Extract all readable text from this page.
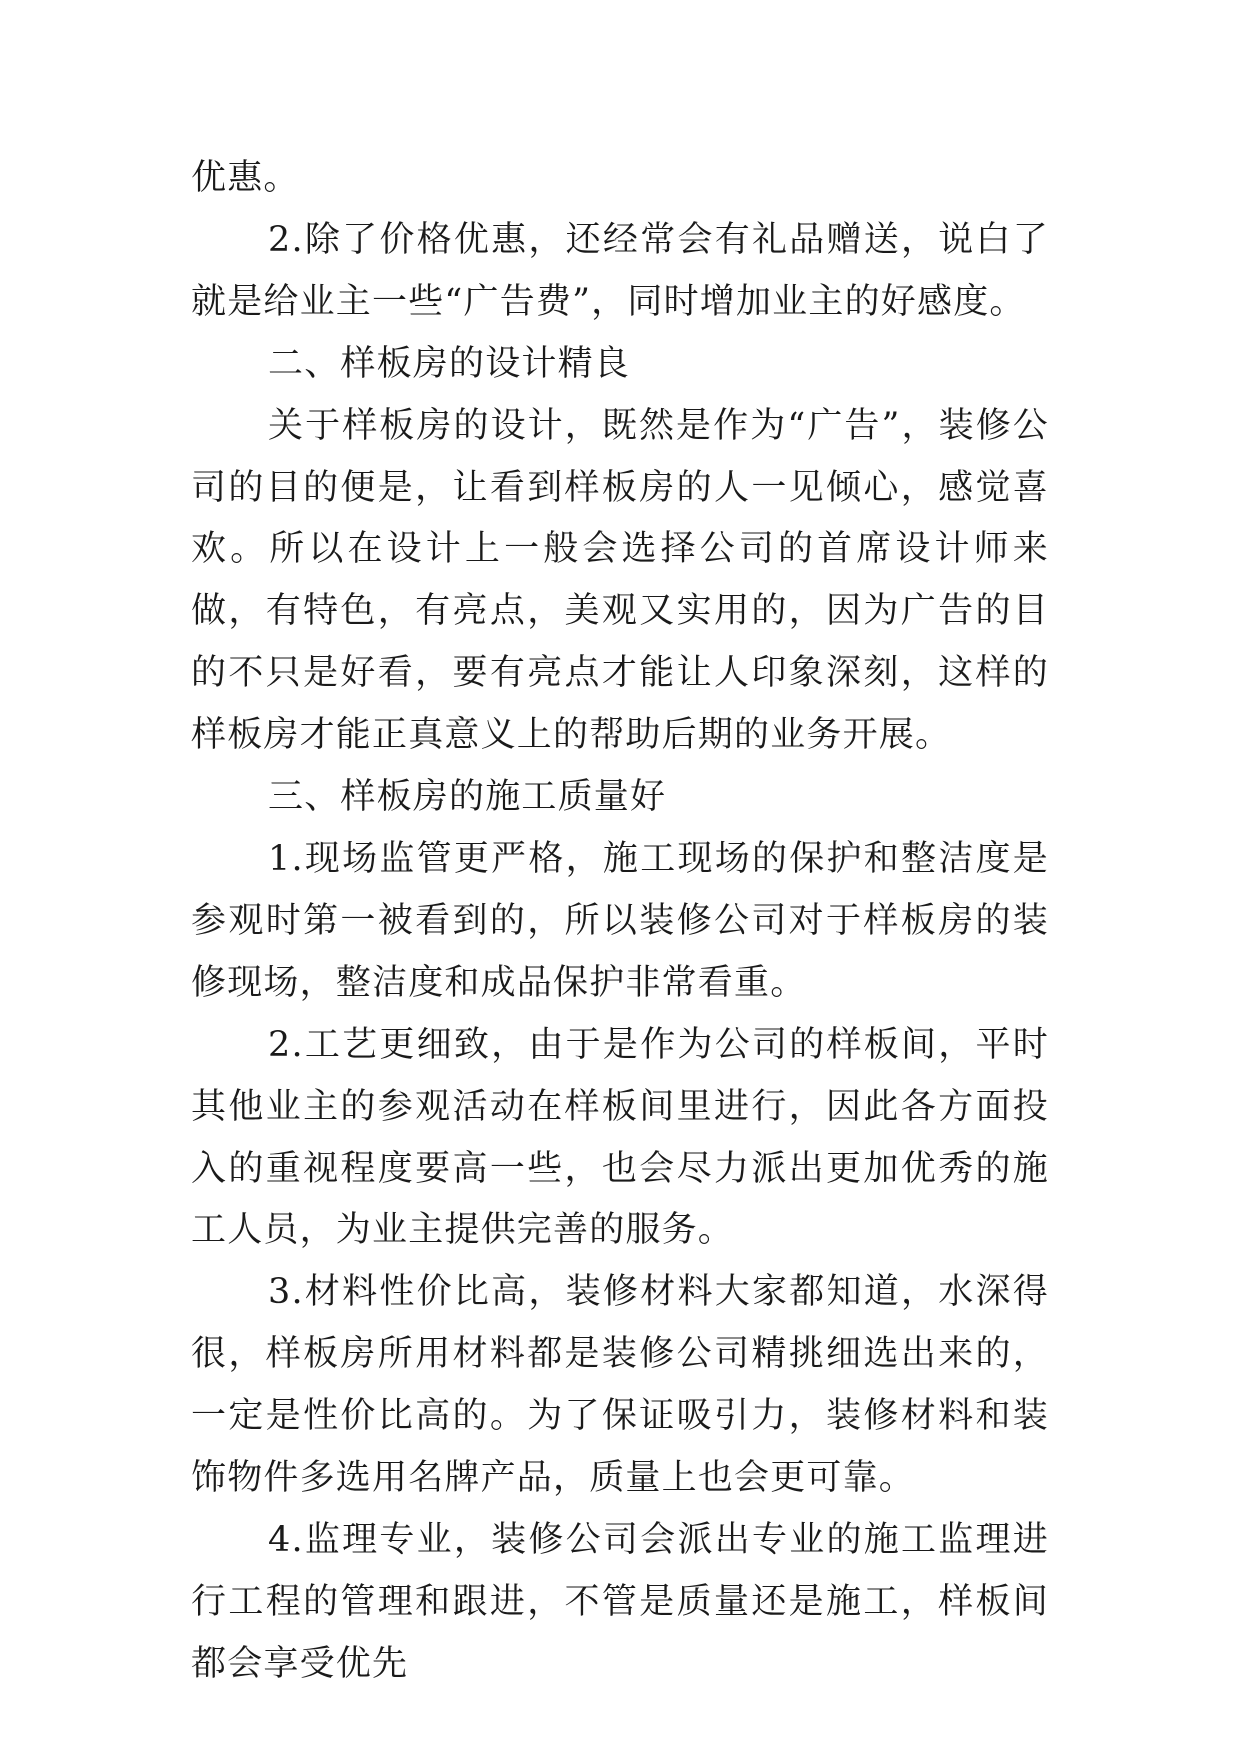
优惠。

2.除了价格优惠，还经常会有礼品赠送，说白了就是给业主一些“广告费”，同时增加业主的好感度。

二、样板房的设计精良

关于样板房的设计，既然是作为“广告”，装修公司的目的便是，让看到样板房的人一见倾心，感觉喜欢。所以在设计上一般会选择公司的首席设计师来做，有特色，有亮点，美观又实用的，因为广告的目的不只是好看，要有亮点才能让人印象深刻，这样的样板房才能正真意义上的帮助后期的业务开展。

三、样板房的施工质量好

1.现场监管更严格，施工现场的保护和整洁度是参观时第一被看到的，所以装修公司对于样板房的装修现场，整洁度和成品保护非常看重。

2.工艺更细致，由于是作为公司的样板间，平时其他业主的参观活动在样板间里进行，因此各方面投入的重视程度要高一些，也会尽力派出更加优秀的施工人员，为业主提供完善的服务。

3.材料性价比高，装修材料大家都知道，水深得很，样板房所用材料都是装修公司精挑细选出来的，一定是性价比高的。为了保证吸引力，装修材料和装饰物件多选用名牌产品，质量上也会更可靠。

4.监理专业，装修公司会派出专业的施工监理进行工程的管理和跟进，不管是质量还是施工，样板间都会享受优先
